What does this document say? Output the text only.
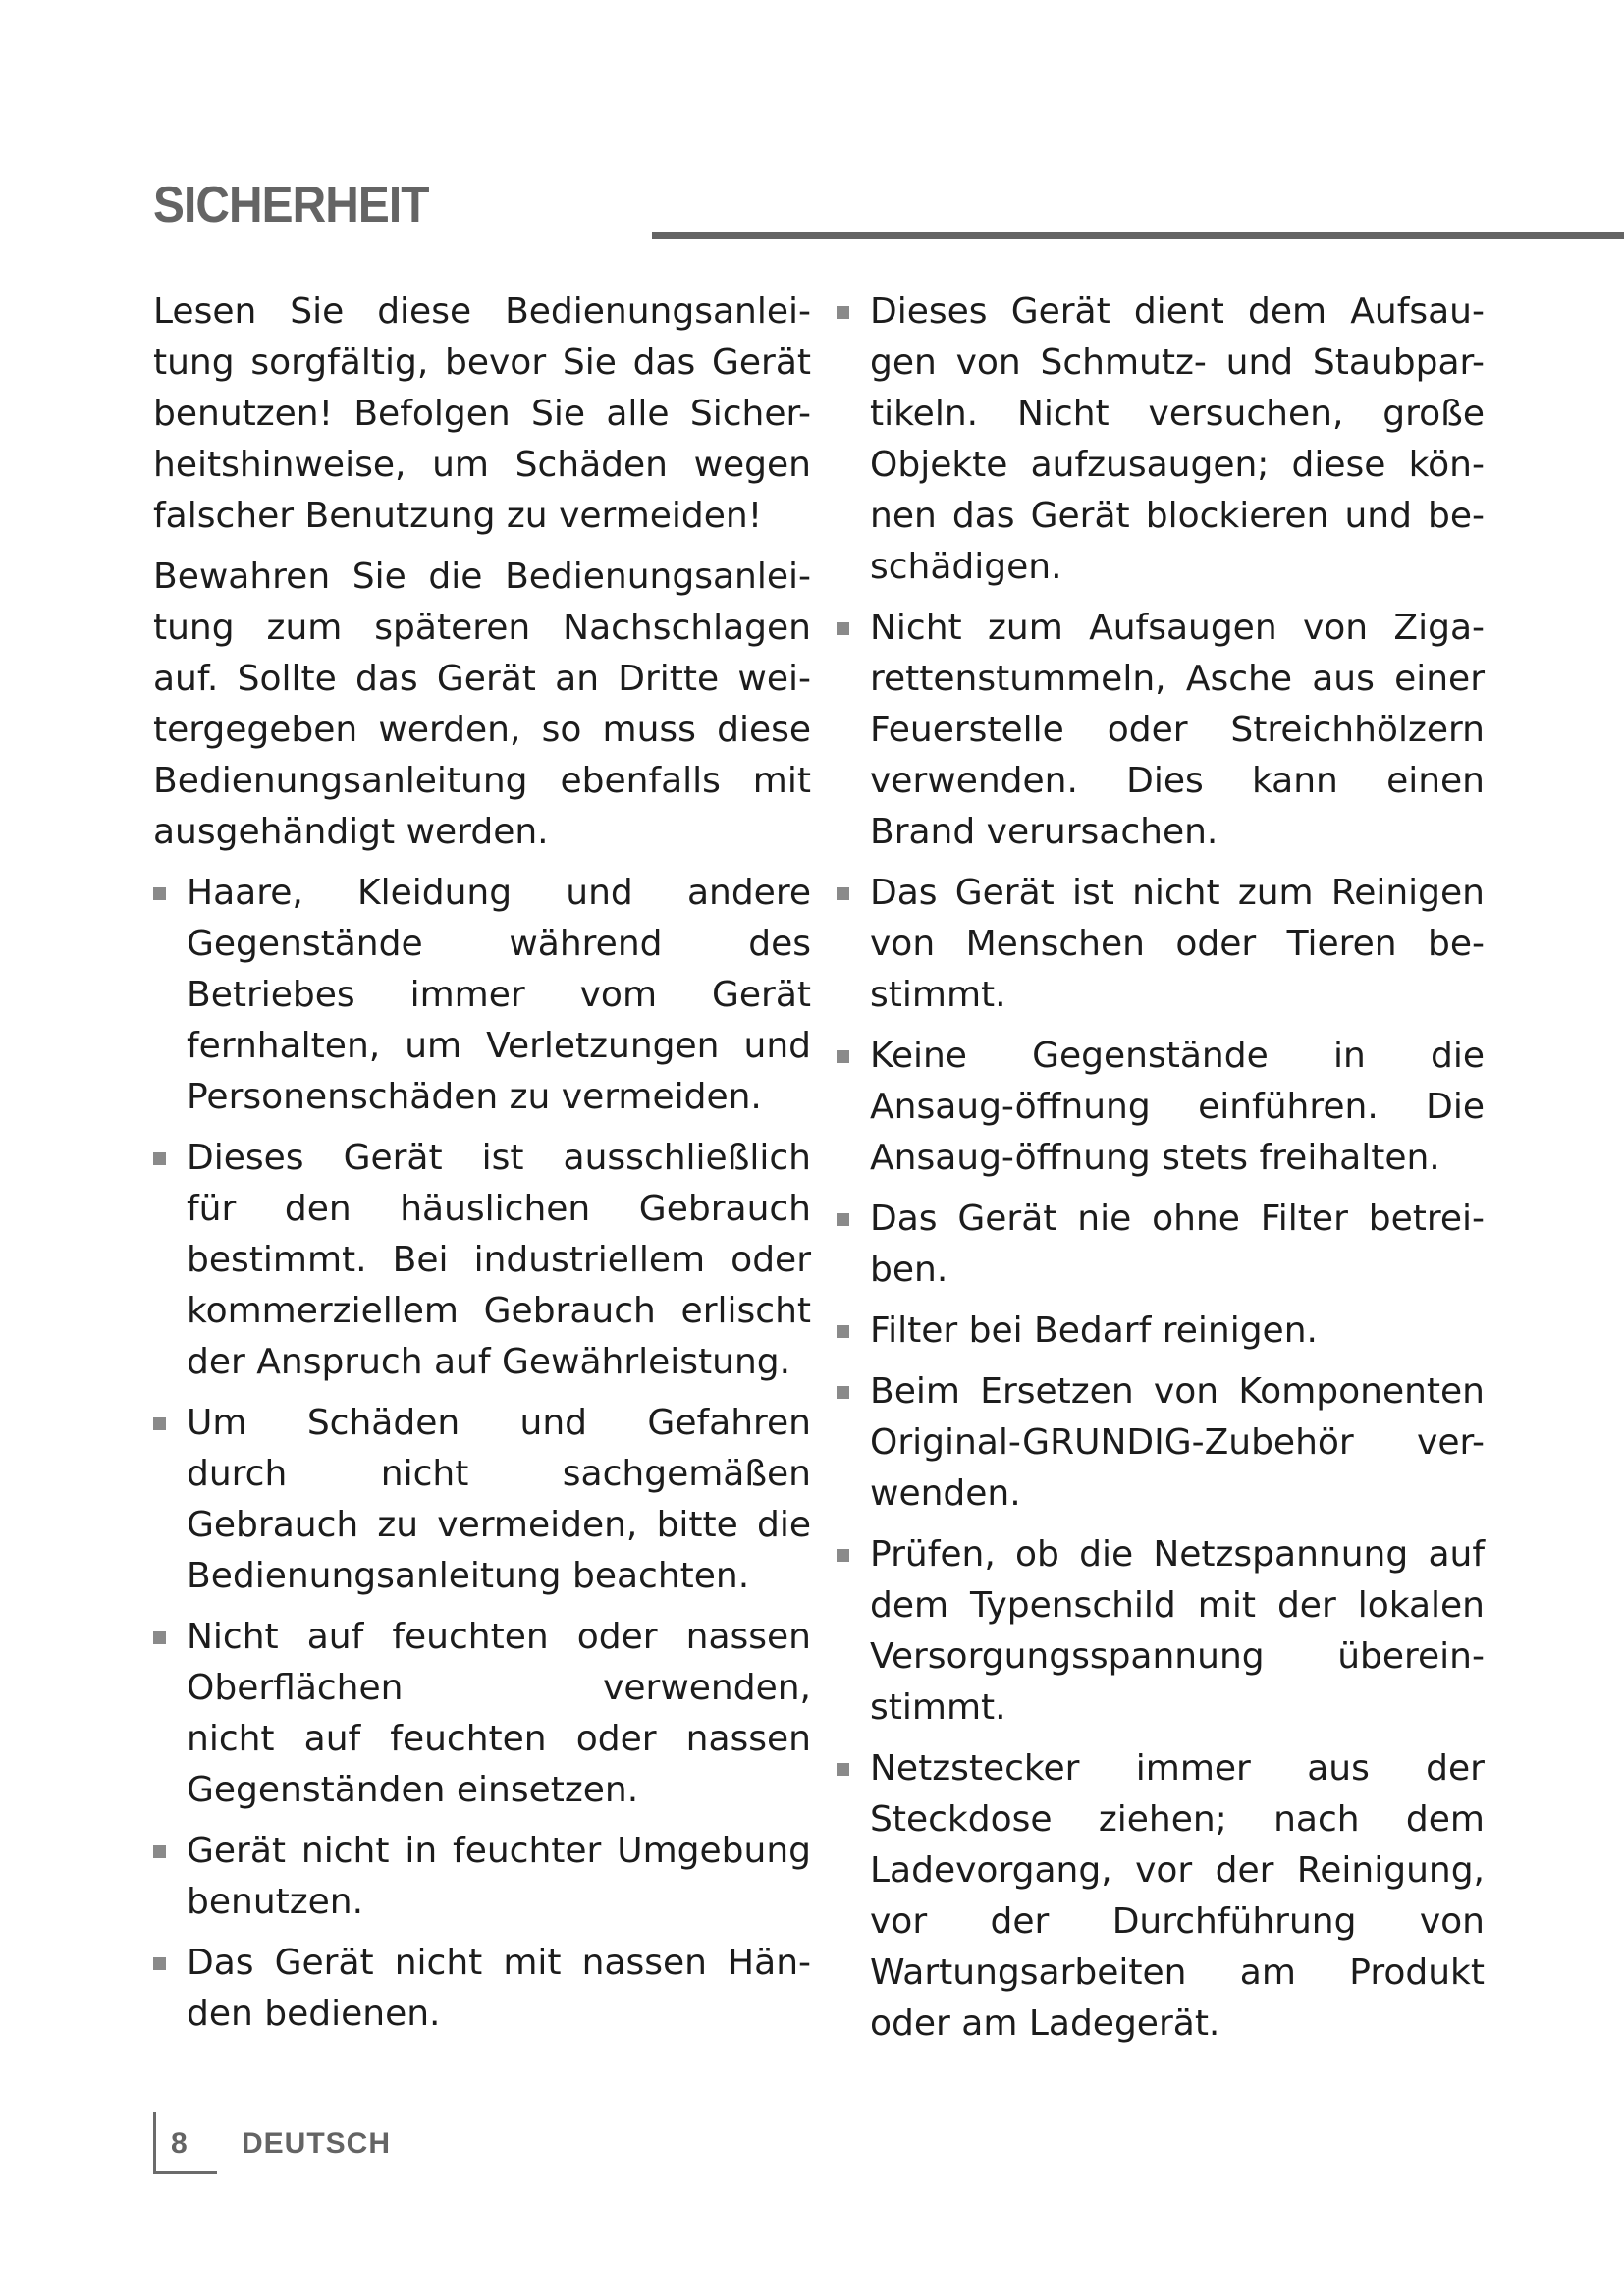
SICHERHEIT
Lesen Sie diese Bedienungsanlei-
tung sorgfältig, bevor Sie das Gerät
benutzen! Befolgen Sie alle Sicher-
heitshinweise, um Schäden wegen
falscher Benutzung zu vermeiden!
Bewahren Sie die Bedienungsanlei-
tung zum späteren Nachschlagen
auf. Sollte das Gerät an Dritte wei-
tergegeben werden, so muss diese
Bedienungsanleitung ebenfalls mit
ausgehändigt werden.
Haare, Kleidung und andere
Gegenstände während des
Betriebes immer vom Gerät
fernhalten, um Verletzungen und
Personenschäden zu vermeiden.
Dieses Gerät ist ausschließlich
für den häuslichen Gebrauch
bestimmt. Bei industriellem oder
kommerziellem Gebrauch erlischt
der Anspruch auf Gewährleistung.
Um Schäden und Gefahren
durch nicht sachgemäßen
Gebrauch zu vermeiden, bitte die
Bedienungsanleitung beachten.
Nicht auf feuchten oder nassen
Oberflächen verwenden,
nicht auf feuchten oder nassen
Gegenständen einsetzen.
Gerät nicht in feuchter Umgebung
benutzen.
Das Gerät nicht mit nassen Hän-
den bedienen.
Dieses Gerät dient dem Aufsau-
gen von Schmutz- und Staubpar-
tikeln. Nicht versuchen, große
Objekte aufzusaugen; diese kön-
nen das Gerät blockieren und be-
schädigen.
Nicht zum Aufsaugen von Ziga-
rettenstummeln, Asche aus einer
Feuerstelle oder Streichhölzern
verwenden. Dies kann einen
Brand verursachen.
Das Gerät ist nicht zum Reinigen
von Menschen oder Tieren be-
stimmt.
Keine Gegenstände in die
Ansaug-öffnung einführen. Die
Ansaug-öffnung stets freihalten.
Das Gerät nie ohne Filter betrei-
ben.
Filter bei Bedarf reinigen.
Beim Ersetzen von Komponenten
Original-GRUNDIG-Zubehör ver-
wenden.
Prüfen, ob die Netzspannung auf
dem Typenschild mit der lokalen
Versorgungsspannung überein-
stimmt.
Netzstecker immer aus der
Steckdose ziehen; nach dem
Ladevorgang, vor der Reinigung,
vor der Durchführung von
Wartungsarbeiten am Produkt
oder am Ladegerät.
8 DEUTSCH
